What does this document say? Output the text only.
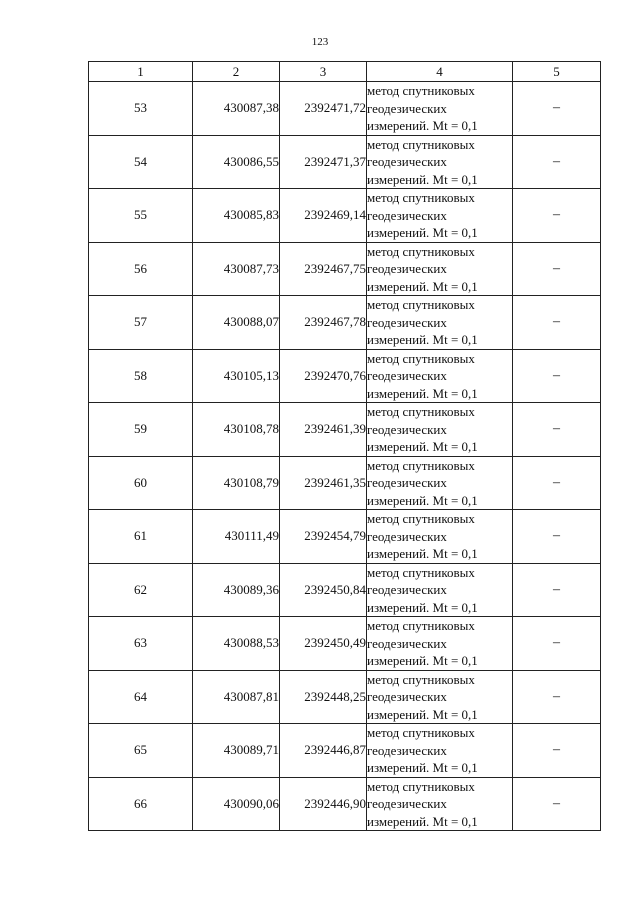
123
1	2	3	4	5
53	430087,38	2392471,72	метод спутниковых
геодезических
измерений. Mt = 0,1	–
54	430086,55	2392471,37	метод спутниковых
геодезических
измерений. Mt = 0,1	–
55	430085,83	2392469,14	метод спутниковых
геодезических
измерений. Mt = 0,1	–
56	430087,73	2392467,75	метод спутниковых
геодезических
измерений. Mt = 0,1	–
57	430088,07	2392467,78	метод спутниковых
геодезических
измерений. Mt = 0,1	–
58	430105,13	2392470,76	метод спутниковых
геодезических
измерений. Mt = 0,1	–
59	430108,78	2392461,39	метод спутниковых
геодезических
измерений. Mt = 0,1	–
60	430108,79	2392461,35	метод спутниковых
геодезических
измерений. Mt = 0,1	–
61	430111,49	2392454,79	метод спутниковых
геодезических
измерений. Mt = 0,1	–
62	430089,36	2392450,84	метод спутниковых
геодезических
измерений. Mt = 0,1	–
63	430088,53	2392450,49	метод спутниковых
геодезических
измерений. Mt = 0,1	–
64	430087,81	2392448,25	метод спутниковых
геодезических
измерений. Mt = 0,1	–
65	430089,71	2392446,87	метод спутниковых
геодезических
измерений. Mt = 0,1	–
66	430090,06	2392446,90	метод спутниковых
геодезических
измерений. Mt = 0,1	–
